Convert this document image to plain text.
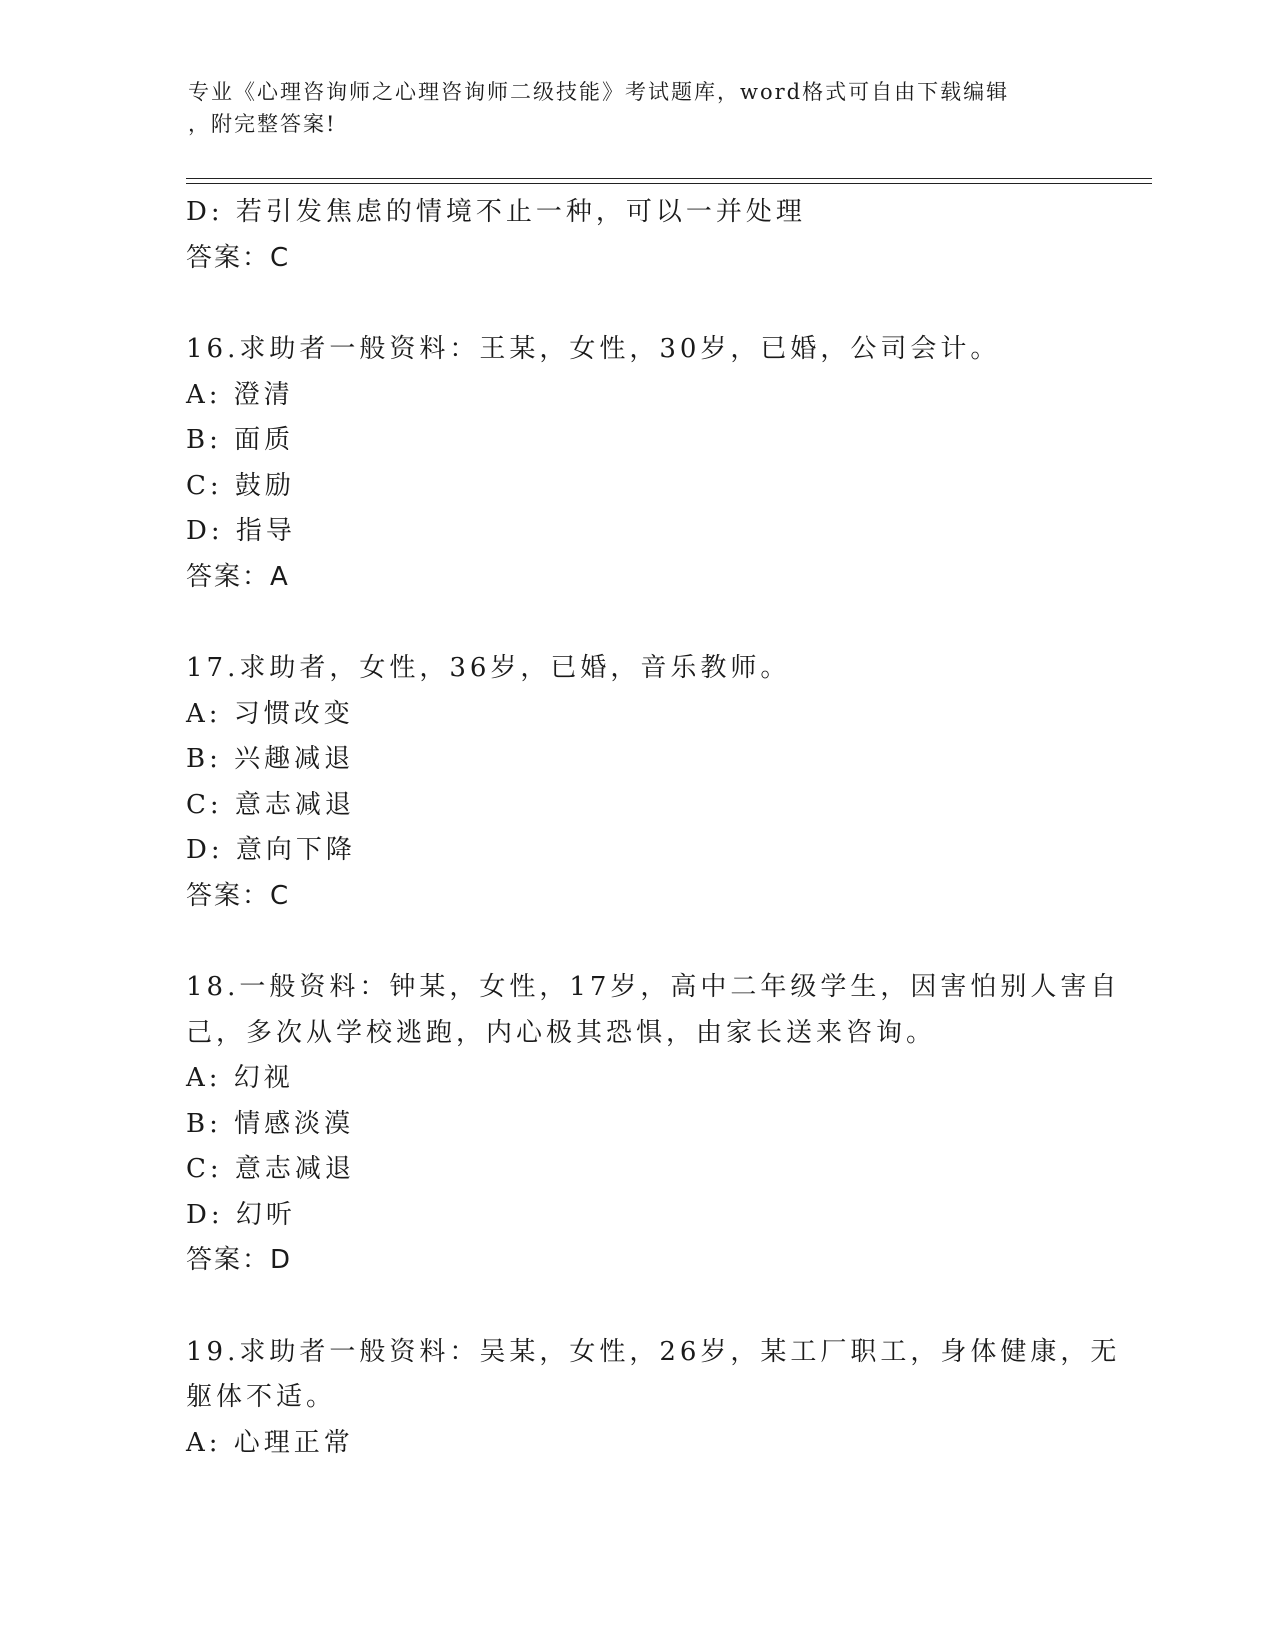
专业《心理咨询师之心理咨询师二级技能》考试题库，word格式可自由下载编辑
，附完整答案!
D: 若引发焦虑的情境不止一种，可以一并处理
答案：C
16.求助者一般资料：王某，女性，30岁，已婚，公司会计。
A: 澄清
B: 面质
C: 鼓励
D: 指导
答案：A
17.求助者，女性，36岁，已婚，音乐教师。
A: 习惯改变
B: 兴趣减退
C: 意志减退
D: 意向下降
答案：C
18.一般资料：钟某，女性，17岁，高中二年级学生，因害怕别人害自
己，多次从学校逃跑，内心极其恐惧，由家长送来咨询。
A: 幻视
B: 情感淡漠
C: 意志减退
D: 幻听
答案：D
19.求助者一般资料：吴某，女性，26岁，某工厂职工，身体健康，无
躯体不适。
A: 心理正常
